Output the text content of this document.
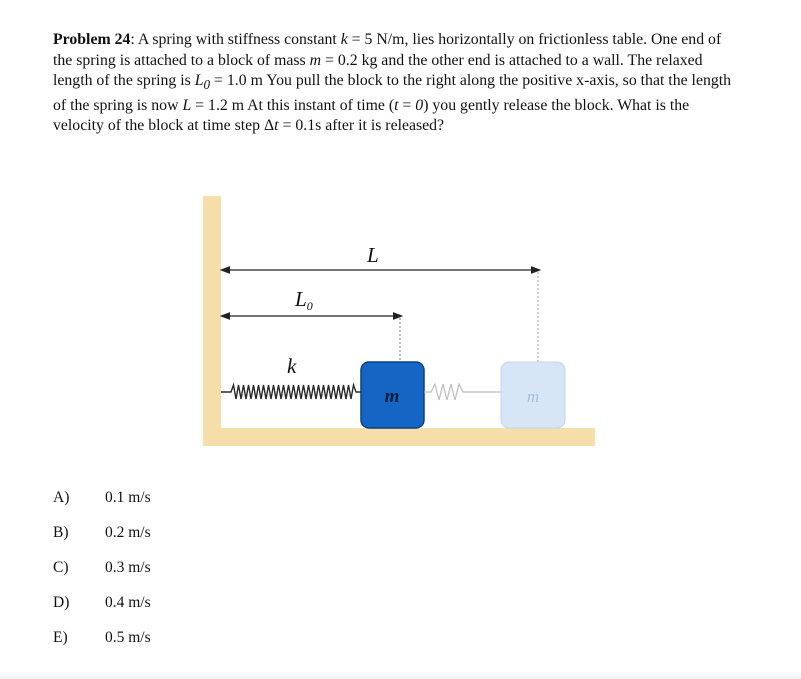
Problem 24: A spring with stiffness constant k = 5 N/m, lies horizontally on frictionless table. One end of the spring is attached to a block of mass m = 0.2 kg and the other end is attached to a wall. The relaxed length of the spring is $L_0 = 1.0$ m You pull the block to the right along the positive x-axis, so that the length of the spring is now L = 1.2 m At this instant of time (t = 0) you gently release the block. What is the velocity of the block at time step Δt = 0.1s after it is released?
L
L0
k
m	m
A) 0.1 m/s
B) 0.2 m/s
C) 0.3 m/s
D) 0.4 m/s
E) 0.5 m/s
